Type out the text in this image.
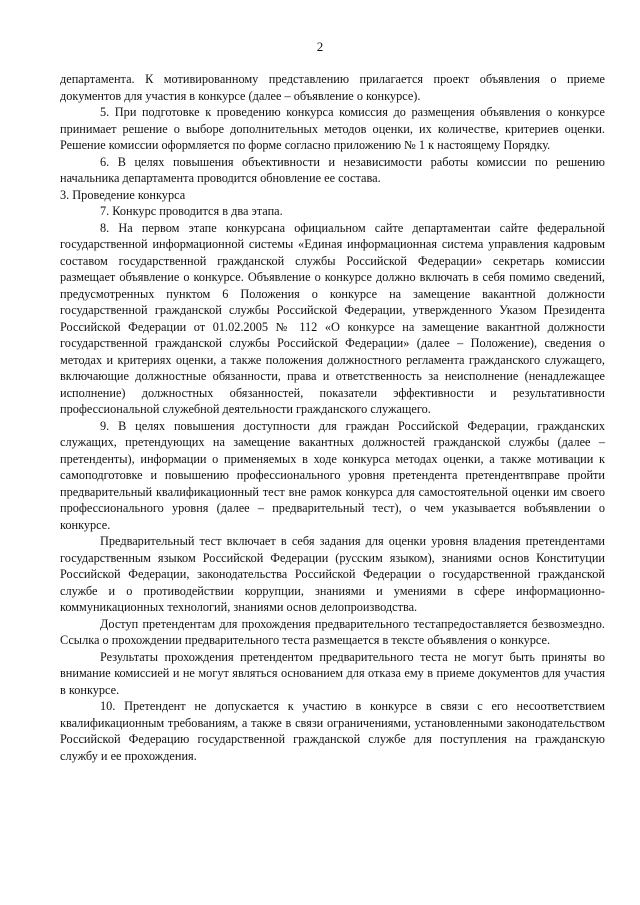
2

департамента. К мотивированному представлению прилагается проект объявления о приеме документов для участия в конкурсе (далее – объявление о конкурсе).

5. При подготовке к проведению конкурса комиссия до размещения объявления о конкурсе принимает решение о выборе дополнительных методов оценки, их количестве, критериев оценки. Решение комиссии оформляется по форме согласно приложению № 1 к настоящему Порядку.

6. В целях повышения объективности и независимости работы комиссии по решению начальника департамента проводится обновление ее состава.

3. Проведение конкурса

7. Конкурс проводится в два этапа.

8. На первом этапе конкурсана официальном сайте департаментаи сайте федеральной государственной информационной системы «Единая информационная система управления кадровым составом государственной гражданской службы Российской Федерации» секретарь комиссии размещает объявление о конкурсе. Объявление о конкурсе должно включать в себя помимо сведений, предусмотренных пунктом 6 Положения о конкурсе на замещение вакантной должности государственной гражданской службы Российской Федерации, утвержденного Указом Президента Российской Федерации от 01.02.2005 № 112 «О конкурсе на замещение вакантной должности государственной гражданской службы Российской Федерации» (далее – Положение), сведения о методах и критериях оценки, а также положения должностного регламента гражданского служащего, включающие должностные обязанности, права и ответственность за неисполнение (ненадлежащее исполнение) должностных обязанностей, показатели эффективности и результативности профессиональной служебной деятельности гражданского служащего.

9. В целях повышения доступности для граждан Российской Федерации, гражданских служащих, претендующих на замещение вакантных должностей гражданской службы (далее – претенденты), информации о применяемых в ходе конкурса методах оценки, а также мотивации к самоподготовке и повышению профессионального уровня претендента претендентвправе пройти предварительный квалификационный тест вне рамок конкурса для самостоятельной оценки им своего профессионального уровня (далее – предварительный тест), о чем указывается вобъявлении о конкурсе.

Предварительный тест включает в себя задания для оценки уровня владения претендентами государственным языком Российской Федерации (русским языком), знаниями основ Конституции Российской Федерации, законодательства Российской Федерации о государственной гражданской службе и о противодействии коррупции, знаниями и умениями в сфере информационно-коммуникационных технологий, знаниями основ делопроизводства.

Доступ претендентам для прохождения предварительного тестапредоставляется безвозмездно. Ссылка о прохождении предварительного теста размещается в тексте объявления о конкурсе.

Результаты прохождения претендентом предварительного теста не могут быть приняты во внимание комиссией и не могут являться основанием для отказа ему в приеме документов для участия в конкурсе.

10. Претендент не допускается к участию в конкурсе в связи с его несоответствием квалификационным требованиям, а также в связи ограничениями, установленными законодательством Российской Федерацию государственной гражданской службе для поступления на гражданскую службу и ее прохождения.
